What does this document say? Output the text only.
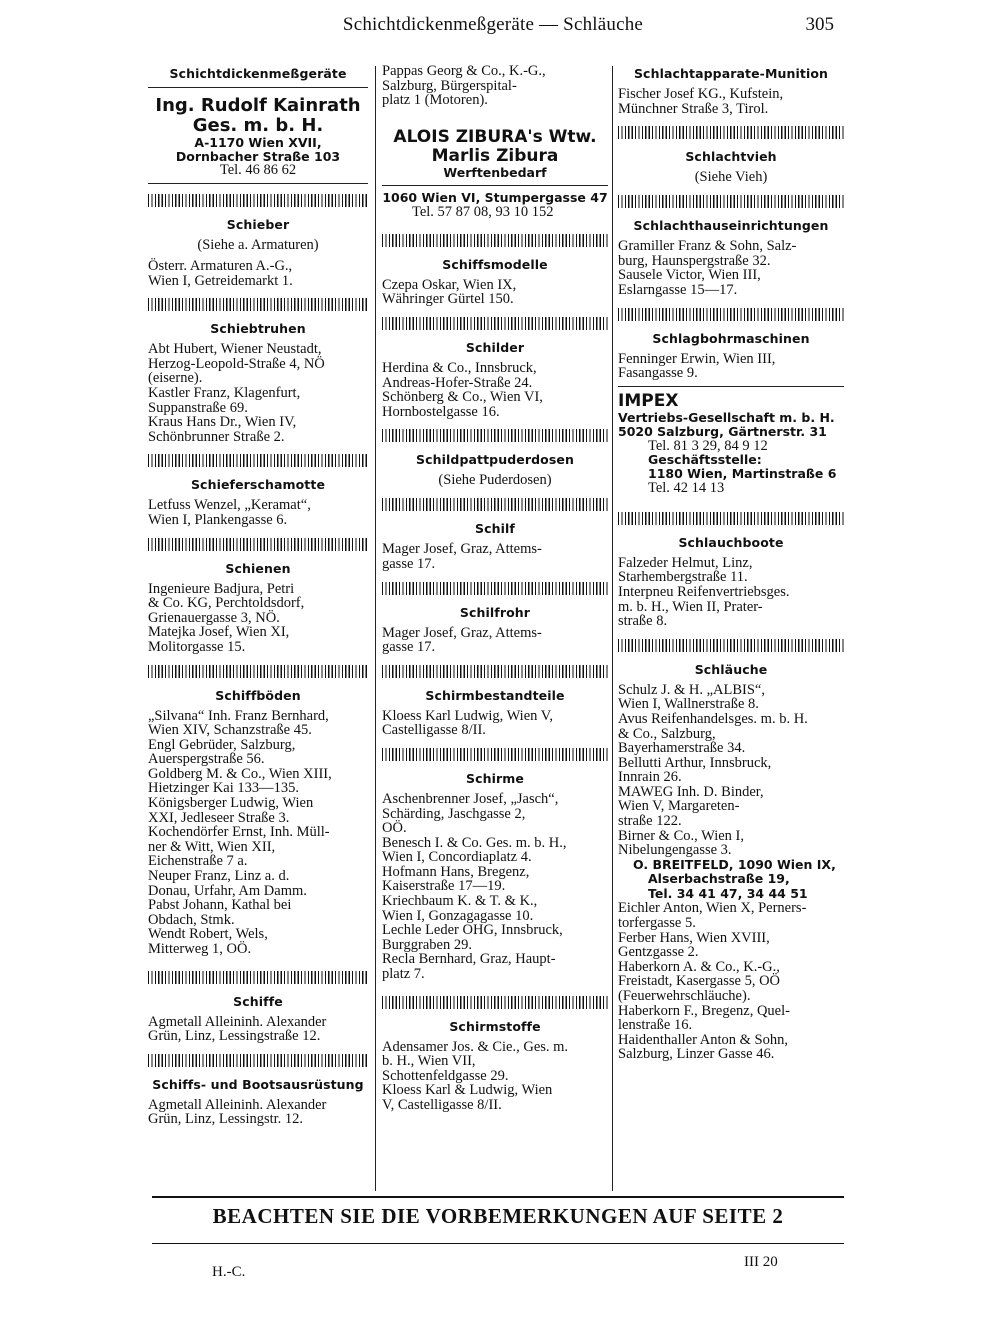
Schichtdickenmeßgeräte — Schläuche	305
Schichtdickenmeßgeräte
Ing. Rudolf Kainrath
Ges. m. b. H.
A-1170 Wien XVII,
Dornbacher Straße 103
Tel. 46 86 62
Schieber
(Siehe a. Armaturen)
Österr. Armaturen A.-G.,
Wien I, Getreidemarkt 1.
Schiebtruhen
Abt Hubert, Wiener Neustadt,
Herzog-Leopold-Straße 4, NÖ
(eiserne).
Kastler Franz, Klagenfurt,
Suppanstraße 69.
Kraus Hans Dr., Wien IV,
Schönbrunner Straße 2.
Schieferschamotte
Letfuss Wenzel, „Keramat“,
Wien I, Plankengasse 6.
Schienen
Ingenieure Badjura, Petri
& Co. KG, Perchtoldsdorf,
Grienauergasse 3, NÖ.
Matejka Josef, Wien XI,
Molitorgasse 15.
Schiffböden
„Silvana“ Inh. Franz Bernhard,
Wien XIV, Schanzstraße 45.
Engl Gebrüder, Salzburg,
Auerspergstraße 56.
Goldberg M. & Co., Wien XIII,
Hietzinger Kai 133—135.
Königsberger Ludwig, Wien
XXI, Jedleseer Straße 3.
Kochendörfer Ernst, Inh. Müll-
ner & Witt, Wien XII,
Eichenstraße 7 a.
Neuper Franz, Linz a. d.
Donau, Urfahr, Am Damm.
Pabst Johann, Kathal bei
Obdach, Stmk.
Wendt Robert, Wels,
Mitterweg 1, OÖ.
Schiffe
Agmetall Alleininh. Alexander
Grün, Linz, Lessingstraße 12.
Schiffs- und Bootsausrüstung
Agmetall Alleininh. Alexander
Grün, Linz, Lessingstr. 12.
Pappas Georg & Co., K.-G.,
Salzburg, Bürgerspital-
platz 1 (Motoren).
ALOIS ZIBURA's Wtw.
Marlis Zibura
Werftenbedarf
1060 Wien VI, Stumpergasse 47
Tel. 57 87 08, 93 10 152
Schiffsmodelle
Czepa Oskar, Wien IX,
Währinger Gürtel 150.
Schilder
Herdina & Co., Innsbruck,
Andreas-Hofer-Straße 24.
Schönberg & Co., Wien VI,
Hornbostelgasse 16.
Schildpattpuderdosen
(Siehe Puderdosen)
Schilf
Mager Josef, Graz, Attems-
gasse 17.
Schilfrohr
Mager Josef, Graz, Attems-
gasse 17.
Schirmbestandteile
Kloess Karl Ludwig, Wien V,
Castelligasse 8/II.
Schirme
Aschenbrenner Josef, „Jasch“,
Schärding, Jaschgasse 2,
OÖ.
Benesch I. & Co. Ges. m. b. H.,
Wien I, Concordiaplatz 4.
Hofmann Hans, Bregenz,
Kaiserstraße 17—19.
Kriechbaum K. & T. & K.,
Wien I, Gonzagagasse 10.
Lechle Leder OHG, Innsbruck,
Burggraben 29.
Recla Bernhard, Graz, Haupt-
platz 7.
Schirmstoffe
Adensamer Jos. & Cie., Ges. m.
b. H., Wien VII,
Schottenfeldgasse 29.
Kloess Karl & Ludwig, Wien
V, Castelligasse 8/II.
Schlachtapparate-Munition
Fischer Josef KG., Kufstein,
Münchner Straße 3, Tirol.
Schlachtvieh
(Siehe Vieh)
Schlachthauseinrichtungen
Gramiller Franz & Sohn, Salz-
burg, Haunspergstraße 32.
Sausele Victor, Wien III,
Eslarngasse 15—17.
Schlagbohrmaschinen
Fenninger Erwin, Wien III,
Fasangasse 9.
IMPEX
Vertriebs-Gesellschaft m. b. H.
5020 Salzburg, Gärtnerstr. 31
Tel. 81 3 29, 84 9 12
Geschäftsstelle:
1180 Wien, Martinstraße 6
Tel. 42 14 13
Schlauchboote
Falzeder Helmut, Linz,
Starhembergstraße 11.
Interpneu Reifenvertriebsges.
m. b. H., Wien II, Prater-
straße 8.
Schläuche
Schulz J. & H. „ALBIS“,
Wien I, Wallnerstraße 8.
Avus Reifenhandelsges. m. b. H.
& Co., Salzburg,
Bayerhamerstraße 34.
Bellutti Arthur, Innsbruck,
Innrain 26.
MAWEG Inh. D. Binder,
Wien V, Margareten-
straße 122.
Birner & Co., Wien I,
Nibelungengasse 3.
O. BREITFELD, 1090 Wien IX,
Alserbachstraße 19,
Tel. 34 41 47, 34 44 51
Eichler Anton, Wien X, Perners-
torfergasse 5.
Ferber Hans, Wien XVIII,
Gentzgasse 2.
Haberkorn A. & Co., K.-G.,
Freistadt, Kasergasse 5, OÖ
(Feuerwehrschläuche).
Haberkorn F., Bregenz, Quel-
lenstraße 16.
Haidenthaller Anton & Sohn,
Salzburg, Linzer Gasse 46.
BEACHTEN SIE DIE VORBEMERKUNGEN AUF SEITE 2
H.-C.
III 20
